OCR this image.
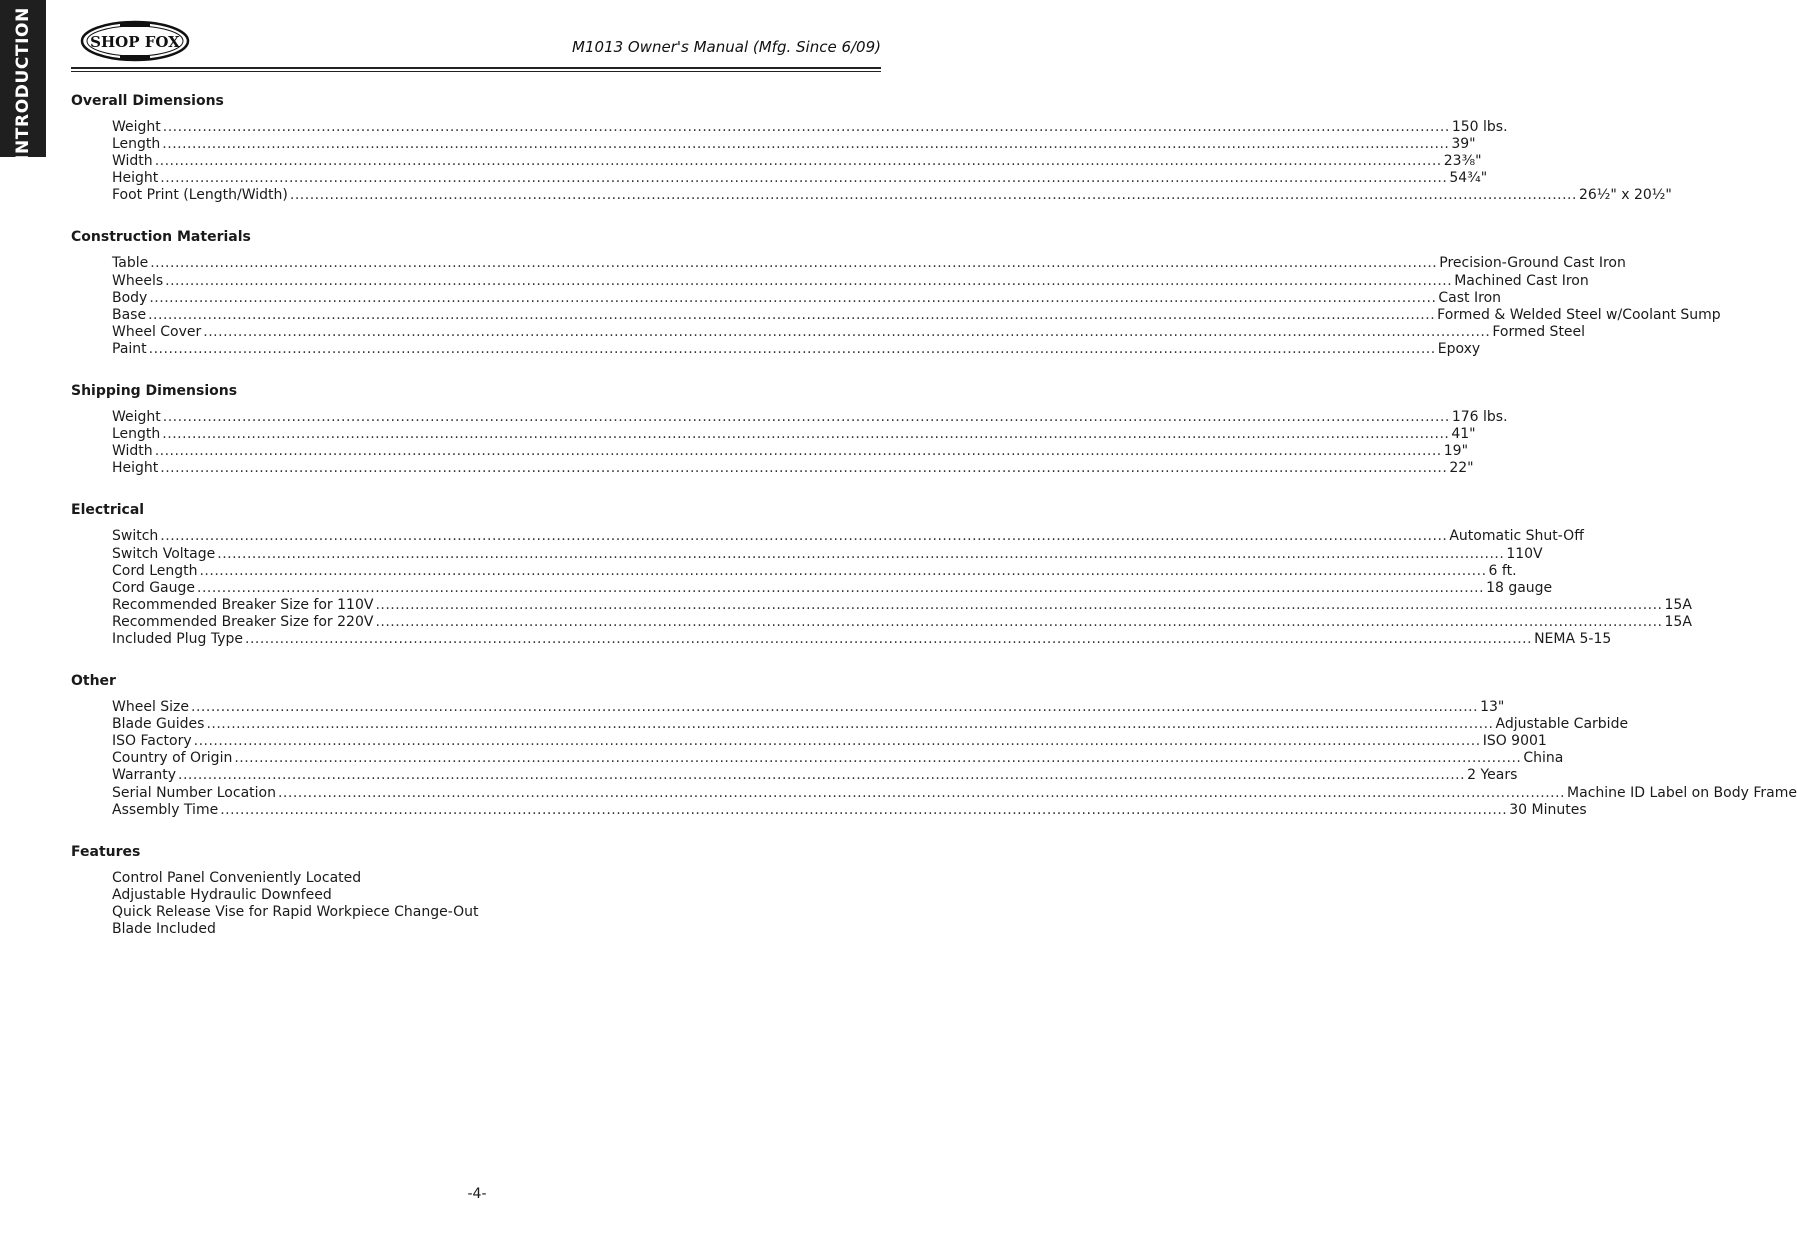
INTRODUCTION	SHOP FOX	M1013 Owner's Manual (Mfg. Since 6/09)
Overall Dimensions
Weight .................................................................................................................................................................................................................................................................... 150 lbs.
Length .................................................................................................................................................................................................................................................................... 39"
Width .................................................................................................................................................................................................................................................................... 23³⁄₈"
Height .................................................................................................................................................................................................................................................................... 54³⁄₄"
Foot Print (Length/Width) .................................................................................................................................................................................................................................................................... 26¹⁄₂" x 20¹⁄₂"
Construction Materials
Table .................................................................................................................................................................................................................................................................... Precision-Ground Cast Iron
Wheels .................................................................................................................................................................................................................................................................... Machined Cast Iron
Body .................................................................................................................................................................................................................................................................... Cast Iron
Base .................................................................................................................................................................................................................................................................... Formed & Welded Steel w/Coolant Sump
Wheel Cover .................................................................................................................................................................................................................................................................... Formed Steel
Paint .................................................................................................................................................................................................................................................................... Epoxy
Shipping Dimensions
Weight .................................................................................................................................................................................................................................................................... 176 lbs.
Length .................................................................................................................................................................................................................................................................... 41"
Width .................................................................................................................................................................................................................................................................... 19"
Height .................................................................................................................................................................................................................................................................... 22"
Electrical
Switch .................................................................................................................................................................................................................................................................... Automatic Shut-Off
Switch Voltage .................................................................................................................................................................................................................................................................... 110V
Cord Length .................................................................................................................................................................................................................................................................... 6 ft.
Cord Gauge .................................................................................................................................................................................................................................................................... 18 gauge
Recommended Breaker Size for 110V .................................................................................................................................................................................................................................................................... 15A
Recommended Breaker Size for 220V .................................................................................................................................................................................................................................................................... 15A
Included Plug Type .................................................................................................................................................................................................................................................................... NEMA 5-15
Other
Wheel Size .................................................................................................................................................................................................................................................................... 13"
Blade Guides .................................................................................................................................................................................................................................................................... Adjustable Carbide
ISO Factory .................................................................................................................................................................................................................................................................... ISO 9001
Country of Origin .................................................................................................................................................................................................................................................................... China
Warranty .................................................................................................................................................................................................................................................................... 2 Years
Serial Number Location .................................................................................................................................................................................................................................................................... Machine ID Label on Body Frame
Assembly Time .................................................................................................................................................................................................................................................................... 30 Minutes
Features
Control Panel Conveniently Located
Adjustable Hydraulic Downfeed
Quick Release Vise for Rapid Workpiece Change-Out
Blade Included
-4-
